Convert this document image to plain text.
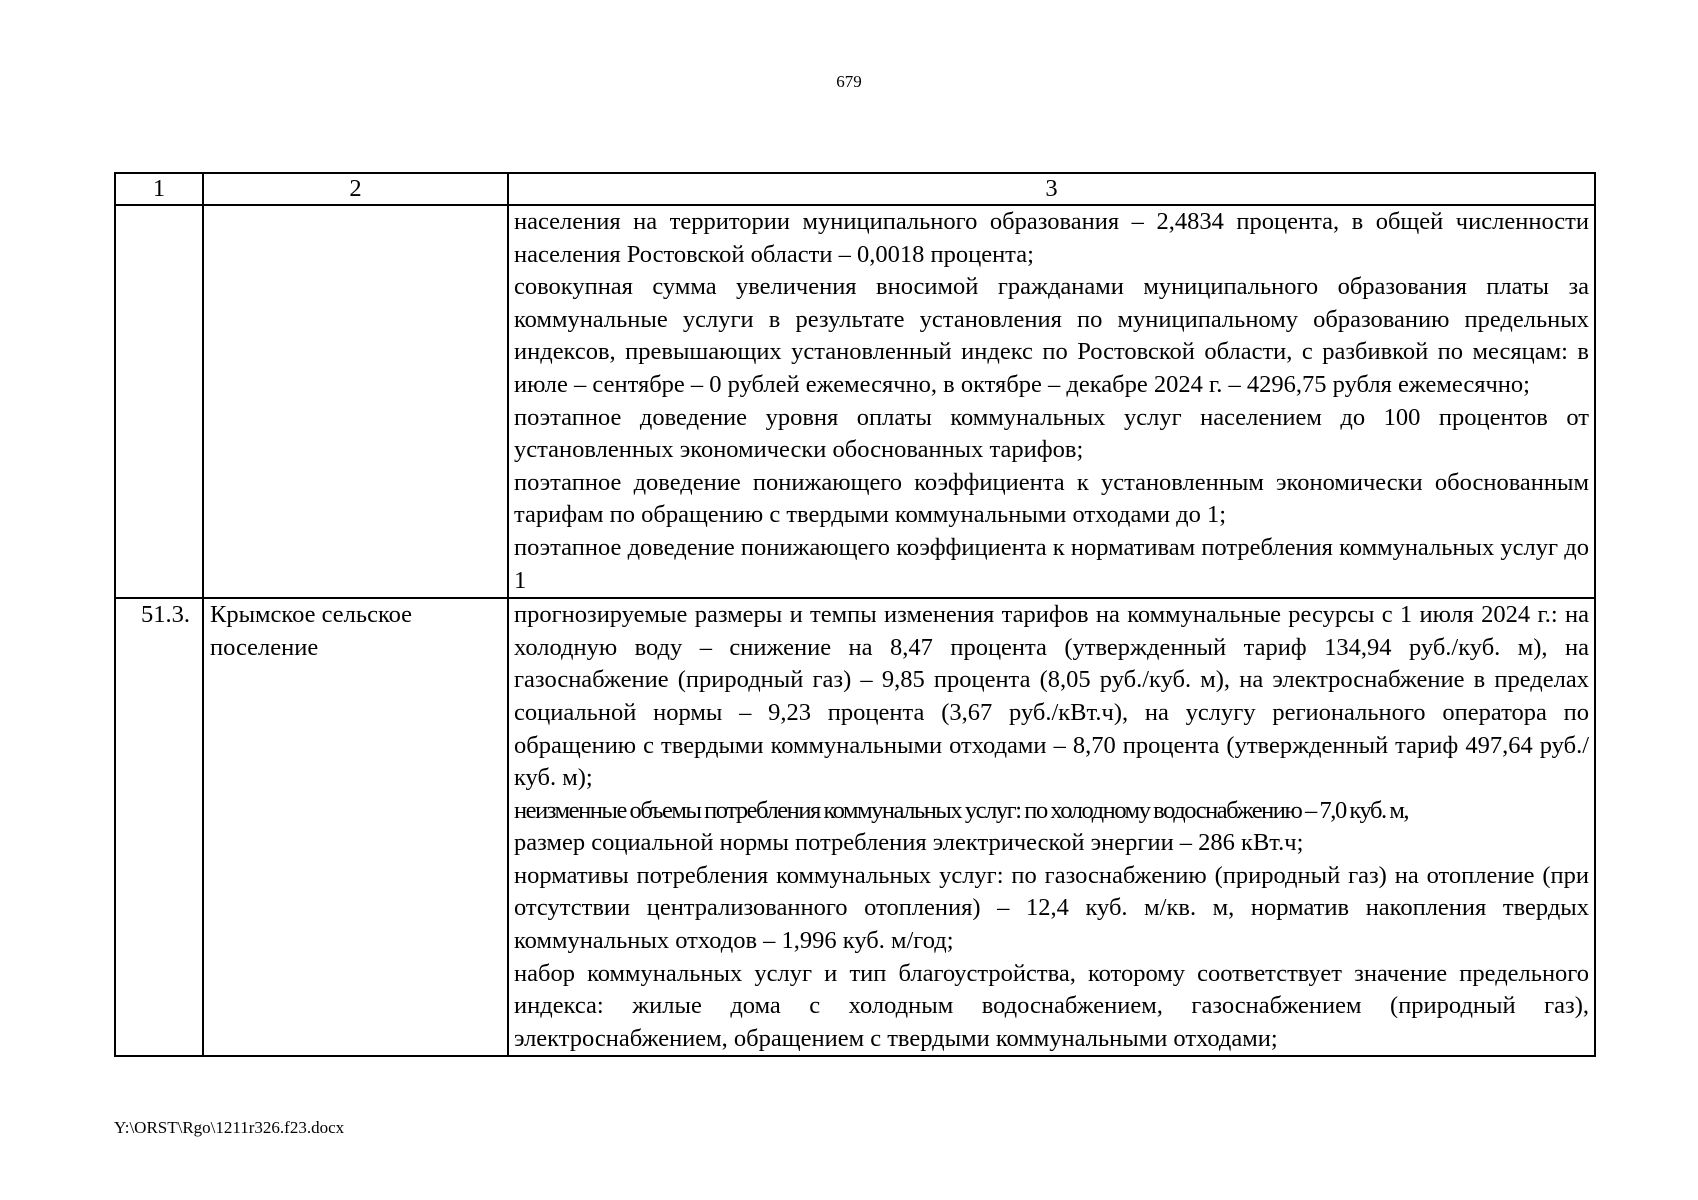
679
1	2	3

		населения на территории муниципального образования – 2,4834 процента, в общей численности населения Ростовской области – 0,0018 процента;
совокупная сумма увеличения вносимой гражданами муниципального образования платы за коммунальные услуги в результате установления по муниципальному образованию предельных индексов, превышающих установленный индекс по Ростовской области, с разбивкой по месяцам: в июле – сентябре – 0 рублей ежемесячно, в октябре – декабре 2024 г. – 4296,75 рубля ежемесячно;
поэтапное доведение уровня оплаты коммунальных услуг населением до 100 процентов от установленных экономически обоснованных тарифов;
поэтапное доведение понижающего коэффициента к установленным экономически обоснованным тарифам по обращению с твердыми коммунальными отходами до 1;
поэтапное доведение понижающего коэффициента к нормативам потребления коммунальных услуг до 1

51.3.	Крымское сельское поселение	прогнозируемые размеры и темпы изменения тарифов на коммунальные ресурсы с 1 июля 2024 г.: на холодную воду – снижение на 8,47 процента (утвержденный тариф 134,94 руб./куб. м), на газоснабжение (природный газ) – 9,85 процента (8,05 руб./куб. м), на электроснабжение в пределах социальной нормы – 9,23 процента (3,67 руб./кВт.ч), на услугу регионального оператора по обращению с твердыми коммунальными отходами – 8,70 процента (утвержденный тариф 497,64 руб./куб. м);
неизменные объемы потребления коммунальных услуг: по холодному водоснабжению – 7,0 куб. м,
размер социальной нормы потребления электрической энергии – 286 кВт.ч;
нормативы потребления коммунальных услуг: по газоснабжению (природный газ) на отопление (при отсутствии централизованного отопления) – 12,4 куб. м/кв. м, норматив накопления твердых коммунальных отходов – 1,996 куб. м/год;
набор коммунальных услуг и тип благоустройства, которому соответствует значение предельного индекса: жилые дома с холодным водоснабжением, газоснабжением (природный газ), электроснабжением, обращением с твердыми коммунальными отходами;
Y:\ORST\Rgo\1211r326.f23.docx
